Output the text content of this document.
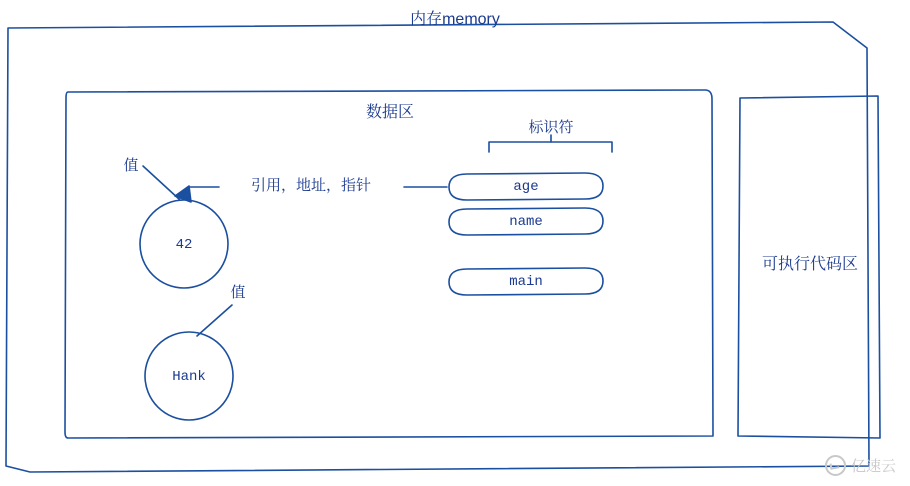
内存memory
数据区
可执行代码区
标识符
引用，地址，指针
值
值
age
name
main
42
Hank
亿速云
